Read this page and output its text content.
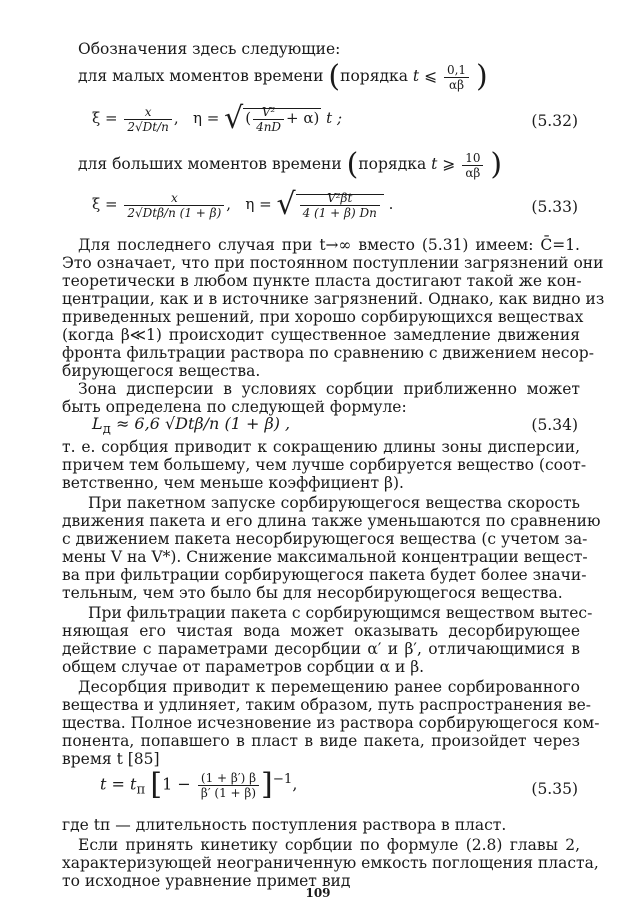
Обозначения здесь следующие:
для малых моментов времени (порядка t ⩽ $\frac{0,1}{\alpha\beta}$ )
$\xi = \frac{x}{2√Dt/n}$ ,   η = √ ( $\frac{\text{V²}}{4nD} + \alpha$) t ;	(5.32)
для больших моментов времени (порядка t ⩾ $\frac{10}{\alpha\beta}$ )
$\xi = \frac{x}{\text{2√Dtβ/n (1 + β)}}$ ,   η = √ $\frac{\text{V²βt}}{4 (1 + \beta) Dn}$ .	(5.33)
Для последнего случая при t→∞ вместо (5.31) имеем: C̄=1.
Это означает, что при постоянном поступлении загрязнений они
теоретически в любом пункте пласта достигают такой же кон-
центрации, как и в источнике загрязнений. Однако, как видно из
приведенных решений, при хорошо сорбирующихся веществах
(когда β≪1) происходит существенное замедление движения
фронта фильтрации раствора по сравнению с движением несор-
бирующегося вещества.
Зона дисперсии в условиях сорбции приближенно может
быть определена по следующей формуле:
$L_д \approx 6,6$ √Dtβ/n (1 + β) ,	(5.34)
т. е. сорбция приводит к сокращению длины зоны дисперсии,
причем тем большему, чем лучше сорбируется вещество (соот-
ветственно, чем меньше коэффициент β).
При пакетном запуске сорбирующегося вещества скорость
движения пакета и его длина также уменьшаются по сравнению
с движением пакета несорбирующегося вещества (с учетом за-
мены V на V*). Снижение максимальной концентрации вещест-
ва при фильтрации сорбирующегося пакета будет более значи-
тельным, чем это было бы для несорбирующегося вещества.
При фильтрации пакета с сорбирующимся веществом вытес-
няющая его чистая вода может оказывать десорбирующее
действие с параметрами десорбции α′ и β′, отличающимися в
общем случае от параметров сорбции α и β.
Десорбция приводит к перемещению ранее сорбированного
вещества и удлиняет, таким образом, путь распространения ве-
щества. Полное исчезновение из раствора сорбирующегося ком-
понента, попавшего в пласт в виде пакета, произойдет через
время t [85]
$t = t_п$ $[1 - \frac{(1 + \beta') \beta}{\beta' (1 + \beta)} ]^{-1}$,	(5.35)
где tп — длительность поступления раствора в пласт.
Если принять кинетику сорбции по формуле (2.8) главы 2,
характеризующей неограниченную емкость поглощения пласта,
то исходное уравнение примет вид
109
